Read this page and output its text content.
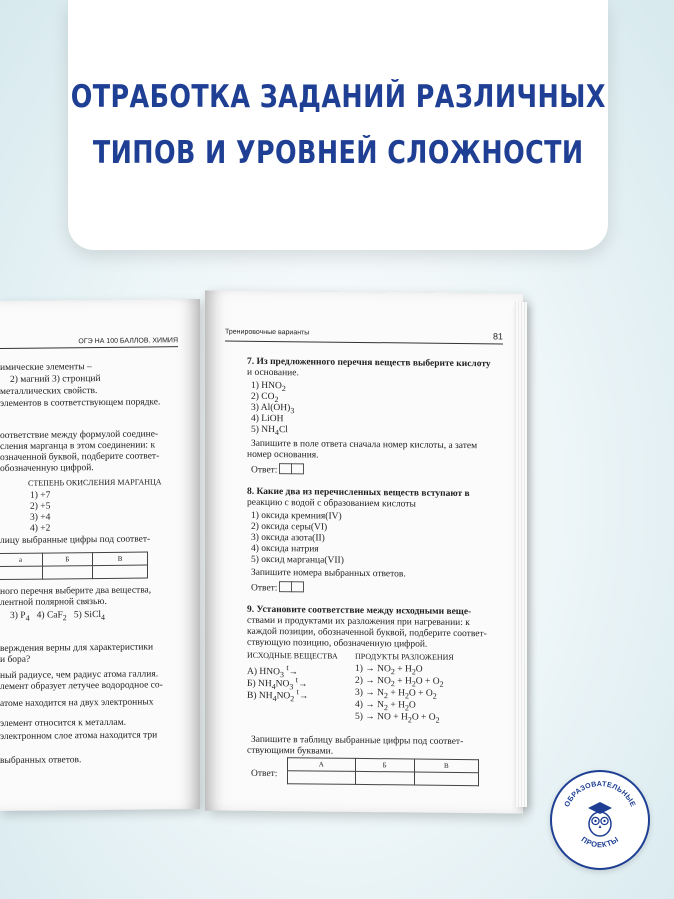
ОТРАБОТКА ЗАДАНИЙ РАЗЛИЧНЫХ
ТИПОВ И УРОВНЕЙ СЛОЖНОСТИ
ОГЭ НА 100 БАЛЛОВ. ХИМИЯ
имические элементы –
2) магний 3) стронций
металлических свойств.
элементов в соответствующем порядке.
оответствие между формулой соедине-
сления марганца в этом соединении: к
означенной буквой, подберите соответ-
обозначенную цифрой.
СТЕПЕНЬ ОКИСЛЕНИЯ МАРГАНЦА
1) +7
2) +5
3) +4
4) +2
лицу выбранные цифры под соответ-
а	Б	В

ного перечня выберите два вещества,
лентной полярной связью.
3) $P_4$ 4) CaF$_2$ 5) SiCl$_4$
верждения верны для характеристики
и бора?
ный радиусе, чем радиус атома галлия.
лемент образует летучее водородное со-
атоме находится на двух электронных
элемент относится к металлам.
электронном слое атома находится три
выбранных ответов.
Тренировочные варианты	81
7. Из предложенного перечня веществ выберите кислоту
и основание.
1) $HNO_2$
2) $CO_2$
3) $Al(OH)_3$
4) LiOH
5) $NH_4Cl$
Запишите в поле ответа сначала номер кислоты, а затем
номер основания.
Ответ:
8. Какие два из перечисленных веществ вступают в
реакцию с водой с образованием кислоты
1) оксида кремния(IV)
2) оксида серы(VI)
3) оксида азота(II)
4) оксида натрия
5) оксид марганца(VII)
Запишите номера выбранных ответов.
Ответ:
9. Установите соответствие между исходными веще-
ствами и продуктами их разложения при нагревании: к
каждой позиции, обозначенной буквой, подберите соответ-
ствующую позицию, обозначенную цифрой.
ИСХОДНЫЕ ВЕЩЕСТВА ПРОДУКТЫ РАЗЛОЖЕНИЯ
А) $HNO_3$ $^t$→
Б) $NH_4NO_3$ $^t$→
В) $NH_4NO_2$ $^t$→
$1) \to NO_2 + H_2O$
$2) \to NO_2 + H_2O + O_2$
$3) \to N_2 + H_2O + O_2$
$4) \to N_2 + H_2O$
5) → NO + $H_2O + O_2$
Запишите в таблицу выбранные цифры под соответ-
ствующими буквами.
Ответ:
А	Б	В

ОБРАЗОВАТЕЛЬНЫЕ
ПРОЕКТЫ
